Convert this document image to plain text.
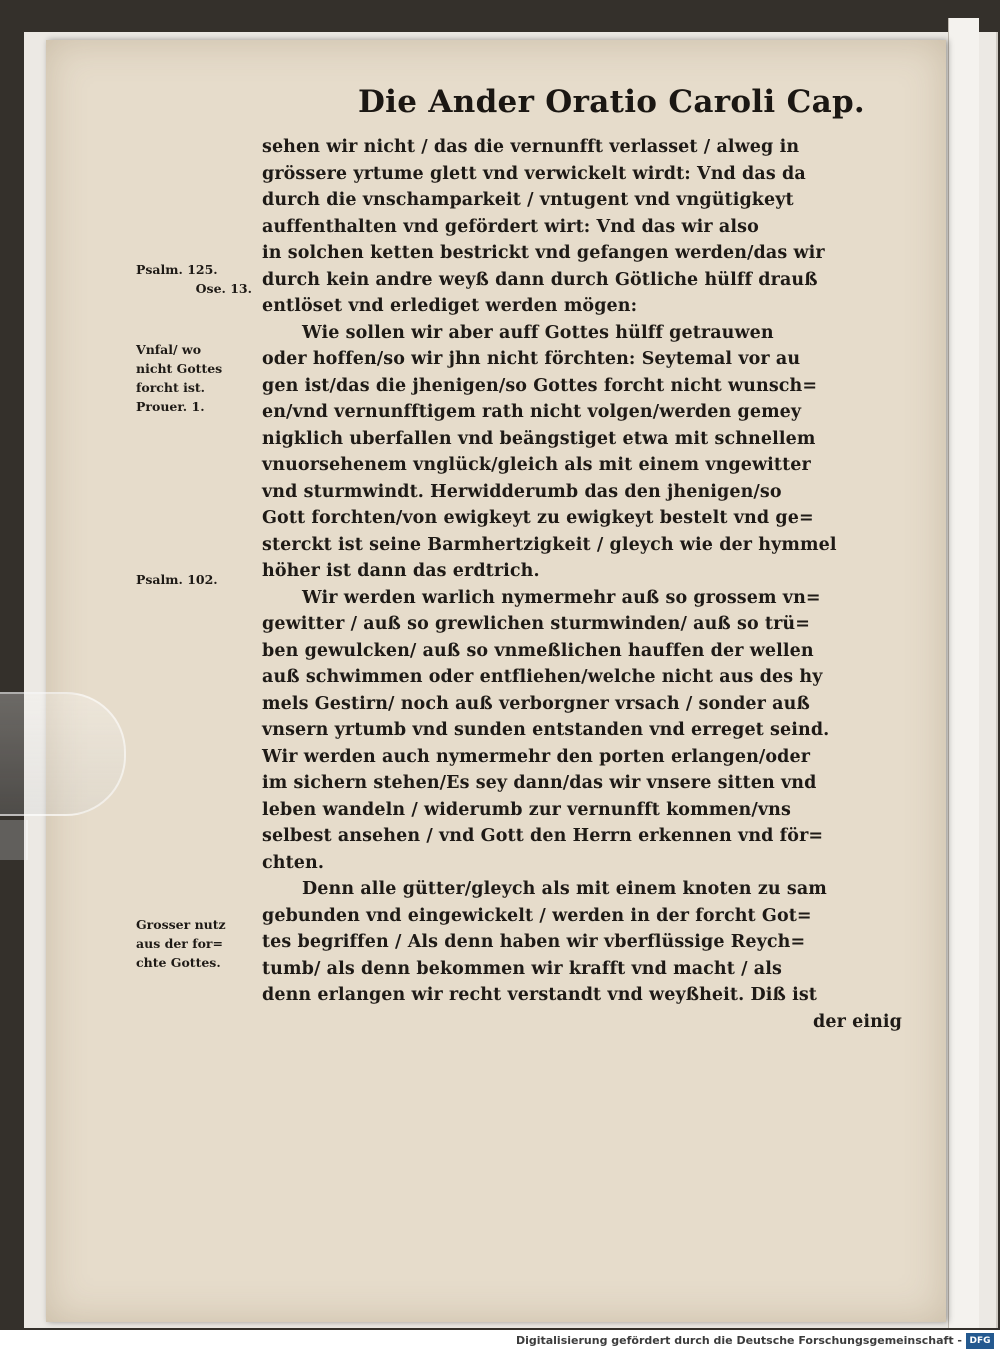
Die Ander Oratio Caroli Cap.
sehen wir nicht / das die vernunfft verlasset / alweg in
grössere yrtume glett vnd verwickelt wirdt: Vnd das da
durch die vnschamparkeit / vntugent vnd vngütigkeyt
auffenthalten vnd gefördert wirt: Vnd das wir also
in solchen ketten bestrickt vnd gefangen werden/das wir
durch kein andre weyß dann durch Götliche hülff drauß
entlöset vnd erlediget werden mögen:
Wie sollen wir aber auff Gottes hülff getrauwen
oder hoffen/so wir jhn nicht förchten: Seytemal vor au
gen ist/das die jhenigen/so Gottes forcht nicht wunsch=
en/vnd vernunfftigem rath nicht volgen/werden gemey
nigklich uberfallen vnd beängstiget etwa mit schnellem
vnuorsehenem vnglück/gleich als mit einem vngewitter
vnd sturmwindt. Herwidderumb das den jhenigen/so
Gott forchten/von ewigkeyt zu ewigkeyt bestelt vnd ge=
sterckt ist seine Barmhertzigkeit / gleych wie der hymmel
höher ist dann das erdtrich.
Wir werden warlich nymermehr auß so grossem vn=
gewitter / auß so grewlichen sturmwinden/ auß so trü=
ben gewulcken/ auß so vnmeßlichen hauffen der wellen
auß schwimmen oder entfliehen/welche nicht aus des hy
mels Gestirn/ noch auß verborgner vrsach / sonder auß
vnsern yrtumb vnd sunden entstanden vnd erreget seind.
Wir werden auch nymermehr den porten erlangen/oder
im sichern stehen/Es sey dann/das wir vnsere sitten vnd
leben wandeln / widerumb zur vernunfft kommen/vns
selbest ansehen / vnd Gott den Herrn erkennen vnd för=
chten.
Denn alle gütter/gleych als mit einem knoten zu sam
gebunden vnd eingewickelt / werden in der forcht Got=
tes begriffen / Als denn haben wir vberflüssige Reych=
tumb/ als denn bekommen wir krafft vnd macht / als
denn erlangen wir recht verstandt vnd weyßheit. Diß ist
der einig
Psalm. 125.
Ose. 13.
Vnfal/ wo
nicht Gottes
forcht ist.
Prouer. 1.
Psalm. 102.
Grosser nutz
aus der for=
chte Gottes.
Digitalisierung gefördert durch die Deutsche Forschungsgemeinschaft - DFG
